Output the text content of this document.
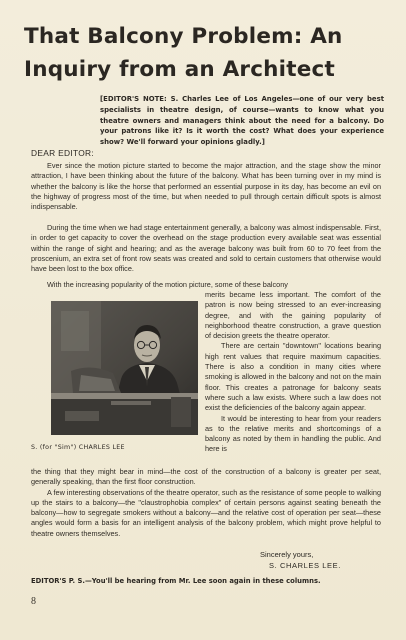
That Balcony Problem: An
Inquiry from an Architect
[EDITOR'S NOTE: S. Charles Lee of Los Angeles—one of our very best specialists in theatre design, of course—wants to know what you theatre owners and managers think about the need for a balcony. Do your patrons like it? Is it worth the cost? What does your experience show? We'll forward your opinions gladly.]
DEAR EDITOR:

Ever since the motion picture started to become the major attraction, and the stage show the minor attraction, I have been thinking about the future of the balcony. What has been turning over in my mind is whether the balcony is like the horse that performed an essential purpose in its day, has become an evil on the highway of progress most of the time, but when needed to pull through certain difficult spots is almost indispensable.

During the time when we had stage entertainment generally, a balcony was almost indispensable. First, in order to get capacity to cover the overhead on the stage production every available seat was essential within the range of sight and hearing; and as the average balcony was built from 60 to 70 feet from the proscenium, an extra set of front row seats was created and sold to certain customers that otherwise would have been lost to the box office.

With the increasing popularity of the motion picture, some of these balcony

merits became less important. The comfort of the patron is now being stressed to an ever-increasing degree, and with the gaining popularity of neighborhood theatre construction, a grave question of decision greets the theatre operator.

There are certain "downtown" locations bearing high rent values that require maximum capacities. There is also a condition in many cities where smoking is allowed in the balcony and not on the main floor. This creates a patronage for balcony seats where such a law exists. Where such a law does not exist the deficiencies of the balcony again appear.

It would be interesting to hear from your readers as to the relative merits and shortcomings of a balcony as noted by them in handling the public. And here is

S. (for "Sim") CHARLES LEE

the thing that they might bear in mind—the cost of the construction of a balcony is greater per seat, generally speaking, than the first floor construction.

A few interesting observations of the theatre operator, such as the resistance of some people to walking up the stairs to a balcony—the "claustrophobia complex" of certain persons against seating beneath the balcony—how to segregate smokers without a balcony—and the relative cost of operation per seat—these angles would form a basis for an intelligent analysis of the balcony problem, which might prove helpful to theatre owners themselves.

Sincerely yours,
S. CHARLES LEE.
EDITOR'S P. S.—You'll be hearing from Mr. Lee soon again in these columns.
8
